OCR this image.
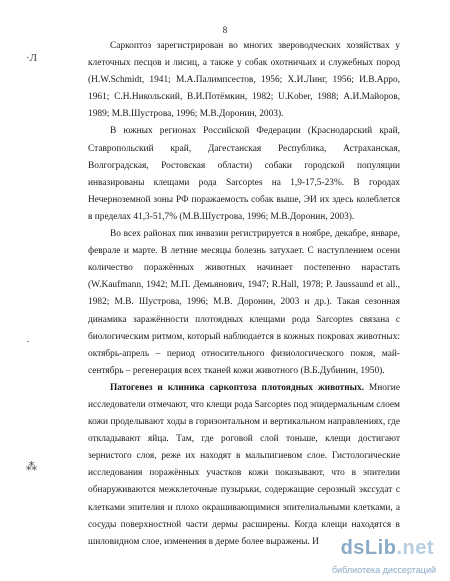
8
·Л
·
⁂

Саркоптоз зарегистрирован во многих звероводческих хозяйствах у клеточных песцов и лисиц, а также у собак охотничьих и служебных пород (H.W.Schmidt, 1941; М.А.Палимпсестов, 1956; Х.И.Линг, 1956; И.В.Арро, 1961; С.Н.Никольский, В.И.Потёмкин, 1982; U.Kober, 1988; А.И.Майоров, 1989; М.В.Шустрова, 1996; М.В.Доронин, 2003).

В южных регионах Российской Федерации (Краснодарский край, Ставропольский край, Дагестанская Республика, Астраханская, Волгоградская, Ростовская области) собаки городской популяции инвазированы клещами рода Sarcoptes на 1,9-17,5-23%. В городах Нечерноземной зоны РФ поражаемость собак выше, ЭИ их здесь колеблется в пределах 41,3-51,7% (М.В.Шустрова, 1996; М.В.Доронин, 2003).

Во всех районах пик инвазии регистрируется в ноябре, декабре, январе, феврале и марте. В летние месяцы болезнь затухает. С наступлением осени количество поражённых животных начинает постепенно нарастать (W.Kaufmann, 1942; М.П. Демьянович, 1947; R.Hall, 1978; P. Jaussaund et all., 1982; М.В. Шустрова, 1996; М.В. Доронин, 2003 и др.). Такая сезонная динамика заражённости плотоядных клещами рода Sarcoptes связана с биологическим ритмом, который наблюдается в кожных покровах животных: октябрь-апрель – период относительного физиологического покоя, май-сентябрь – регенерация всех тканей кожи животного (В.Б.Дубинин, 1950).

Патогенез и клиника саркоптоза плотоядных животных. Многие исследователи отмечают, что клещи рода Sarcoptes под эпидермальным слоем кожи проделывают ходы в горизонтальном и вертикальном направлениях, где откладывают яйца. Там, где роговой слой тоньше, клещи достигают зернистого слоя, реже их находят в мальпигиевом слое. Гистологические исследования поражённых участков кожи показывают, что в эпителии обнаруживаются межклеточные пузырьки, содержащие серозный экссудат с клетками эпителия и плохо окрашивающимися эпителиальными клетками, а сосуды поверхностной части дермы расширены. Когда клещи находятся в шиловидном слое, изменения в дерме более выражены. И	dsLib.net
библиотека диссертаций
